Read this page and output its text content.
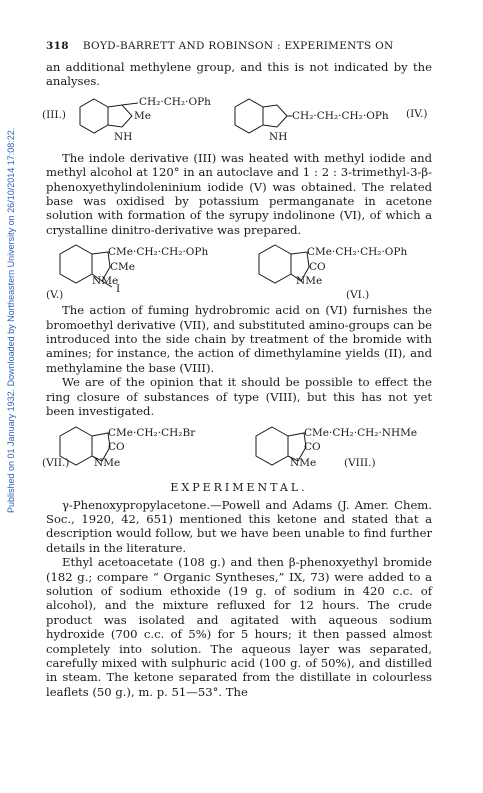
Published on 01 January 1932. Downloaded by Northeastern University on 26/10/2014 17:08:22.
318 BOYD-BARRETT AND ROBINSON : EXPERIMENTS ON

an additional methylene group, and this is not indicated by the analyses.

(III.)
CH₂·CH₂·OPh
Me
NH
CH₂·CH₂·CH₂·OPh
NH
(IV.)

The indole derivative (III) was heated with methyl iodide and methyl alcohol at 120° in an autoclave and 1 : 2 : 3-trimethyl-3-β-phenoxyethylindoleninium iodide (V) was obtained. The related base was oxidised by potassium permanganate in acetone solution with formation of the syrupy indolinone (VI), of which a crystalline dinitro-derivative was prepared.

CMe·CH₂·CH₂·OPh
CMe
NMe
I
(V.)
CMe·CH₂·CH₂·OPh
CO
NMe
(VI.)

The action of fuming hydrobromic acid on (VI) furnishes the bromoethyl derivative (VII), and substituted amino-groups can be introduced into the side chain by treatment of the bromide with amines; for instance, the action of dimethylamine yields (II), and methylamine the base (VIII).

We are of the opinion that it should be possible to effect the ring closure of substances of type (VIII), but this has not yet been investigated.

CMe·CH₂·CH₂Br
CO
NMe
(VII.)
CMe·CH₂·CH₂·NHMe
CO
NMe	(VIII.)
EXPERIMENTAL.

γ-Phenoxypropylacetone.—Powell and Adams (J. Amer. Chem. Soc., 1920, 42, 651) mentioned this ketone and stated that a description would follow, but we have been unable to find further details in the literature.

Ethyl acetoacetate (108 g.) and then β-phenoxyethyl bromide (182 g.; compare “ Organic Syntheses,” IX, 73) were added to a solution of sodium ethoxide (19 g. of sodium in 420 c.c. of alcohol), and the mixture refluxed for 12 hours. The crude product was isolated and agitated with aqueous sodium hydroxide (700 c.c. of 5%) for 5 hours; it then passed almost completely into solution. The aqueous layer was separated, carefully mixed with sulphuric acid (100 g. of 50%), and distilled in steam. The ketone separated from the distillate in colourless leaflets (50 g.), m. p. 51—53°. The
